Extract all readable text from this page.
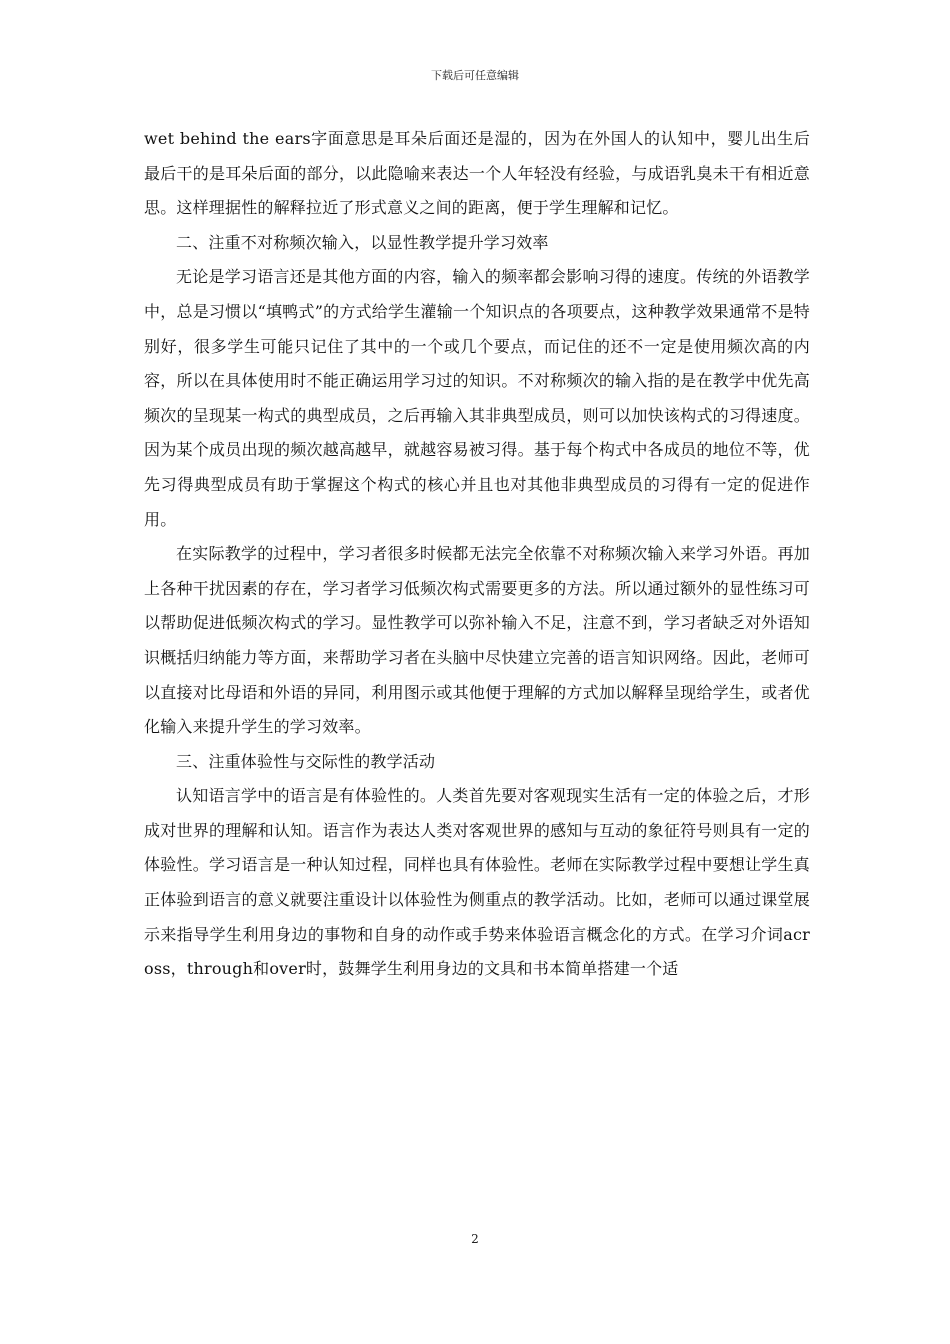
下载后可任意编辑

wet behind the ears字面意思是耳朵后面还是湿的，因为在外国人的认知中，婴儿出生后最后干的是耳朵后面的部分，以此隐喻来表达一个人年轻没有经验，与成语乳臭未干有相近意思。这样理据性的解释拉近了形式意义之间的距离，便于学生理解和记忆。

二、注重不对称频次输入，以显性教学提升学习效率

无论是学习语言还是其他方面的内容，输入的频率都会影响习得的速度。传统的外语教学中，总是习惯以“填鸭式”的方式给学生灌输一个知识点的各项要点，这种教学效果通常不是特别好，很多学生可能只记住了其中的一个或几个要点，而记住的还不一定是使用频次高的内容，所以在具体使用时不能正确运用学习过的知识。不对称频次的输入指的是在教学中优先高频次的呈现某一构式的典型成员，之后再输入其非典型成员，则可以加快该构式的习得速度。因为某个成员出现的频次越高越早，就越容易被习得。基于每个构式中各成员的地位不等，优先习得典型成员有助于掌握这个构式的核心并且也对其他非典型成员的习得有一定的促进作用。

在实际教学的过程中，学习者很多时候都无法完全依靠不对称频次输入来学习外语。再加上各种干扰因素的存在，学习者学习低频次构式需要更多的方法。所以通过额外的显性练习可以帮助促进低频次构式的学习。显性教学可以弥补输入不足，注意不到，学习者缺乏对外语知识概括归纳能力等方面，来帮助学习者在头脑中尽快建立完善的语言知识网络。因此，老师可以直接对比母语和外语的异同，利用图示或其他便于理解的方式加以解释呈现给学生，或者优化输入来提升学生的学习效率。

三、注重体验性与交际性的教学活动

认知语言学中的语言是有体验性的。人类首先要对客观现实生活有一定的体验之后，才形成对世界的理解和认知。语言作为表达人类对客观世界的感知与互动的象征符号则具有一定的体验性。学习语言是一种认知过程，同样也具有体验性。老师在实际教学过程中要想让学生真正体验到语言的意义就要注重设计以体验性为侧重点的教学活动。比如，老师可以通过课堂展示来指导学生利用身边的事物和自身的动作或手势来体验语言概念化的方式。在学习介词across，through和over时，鼓舞学生利用身边的文具和书本简单搭建一个适

2
